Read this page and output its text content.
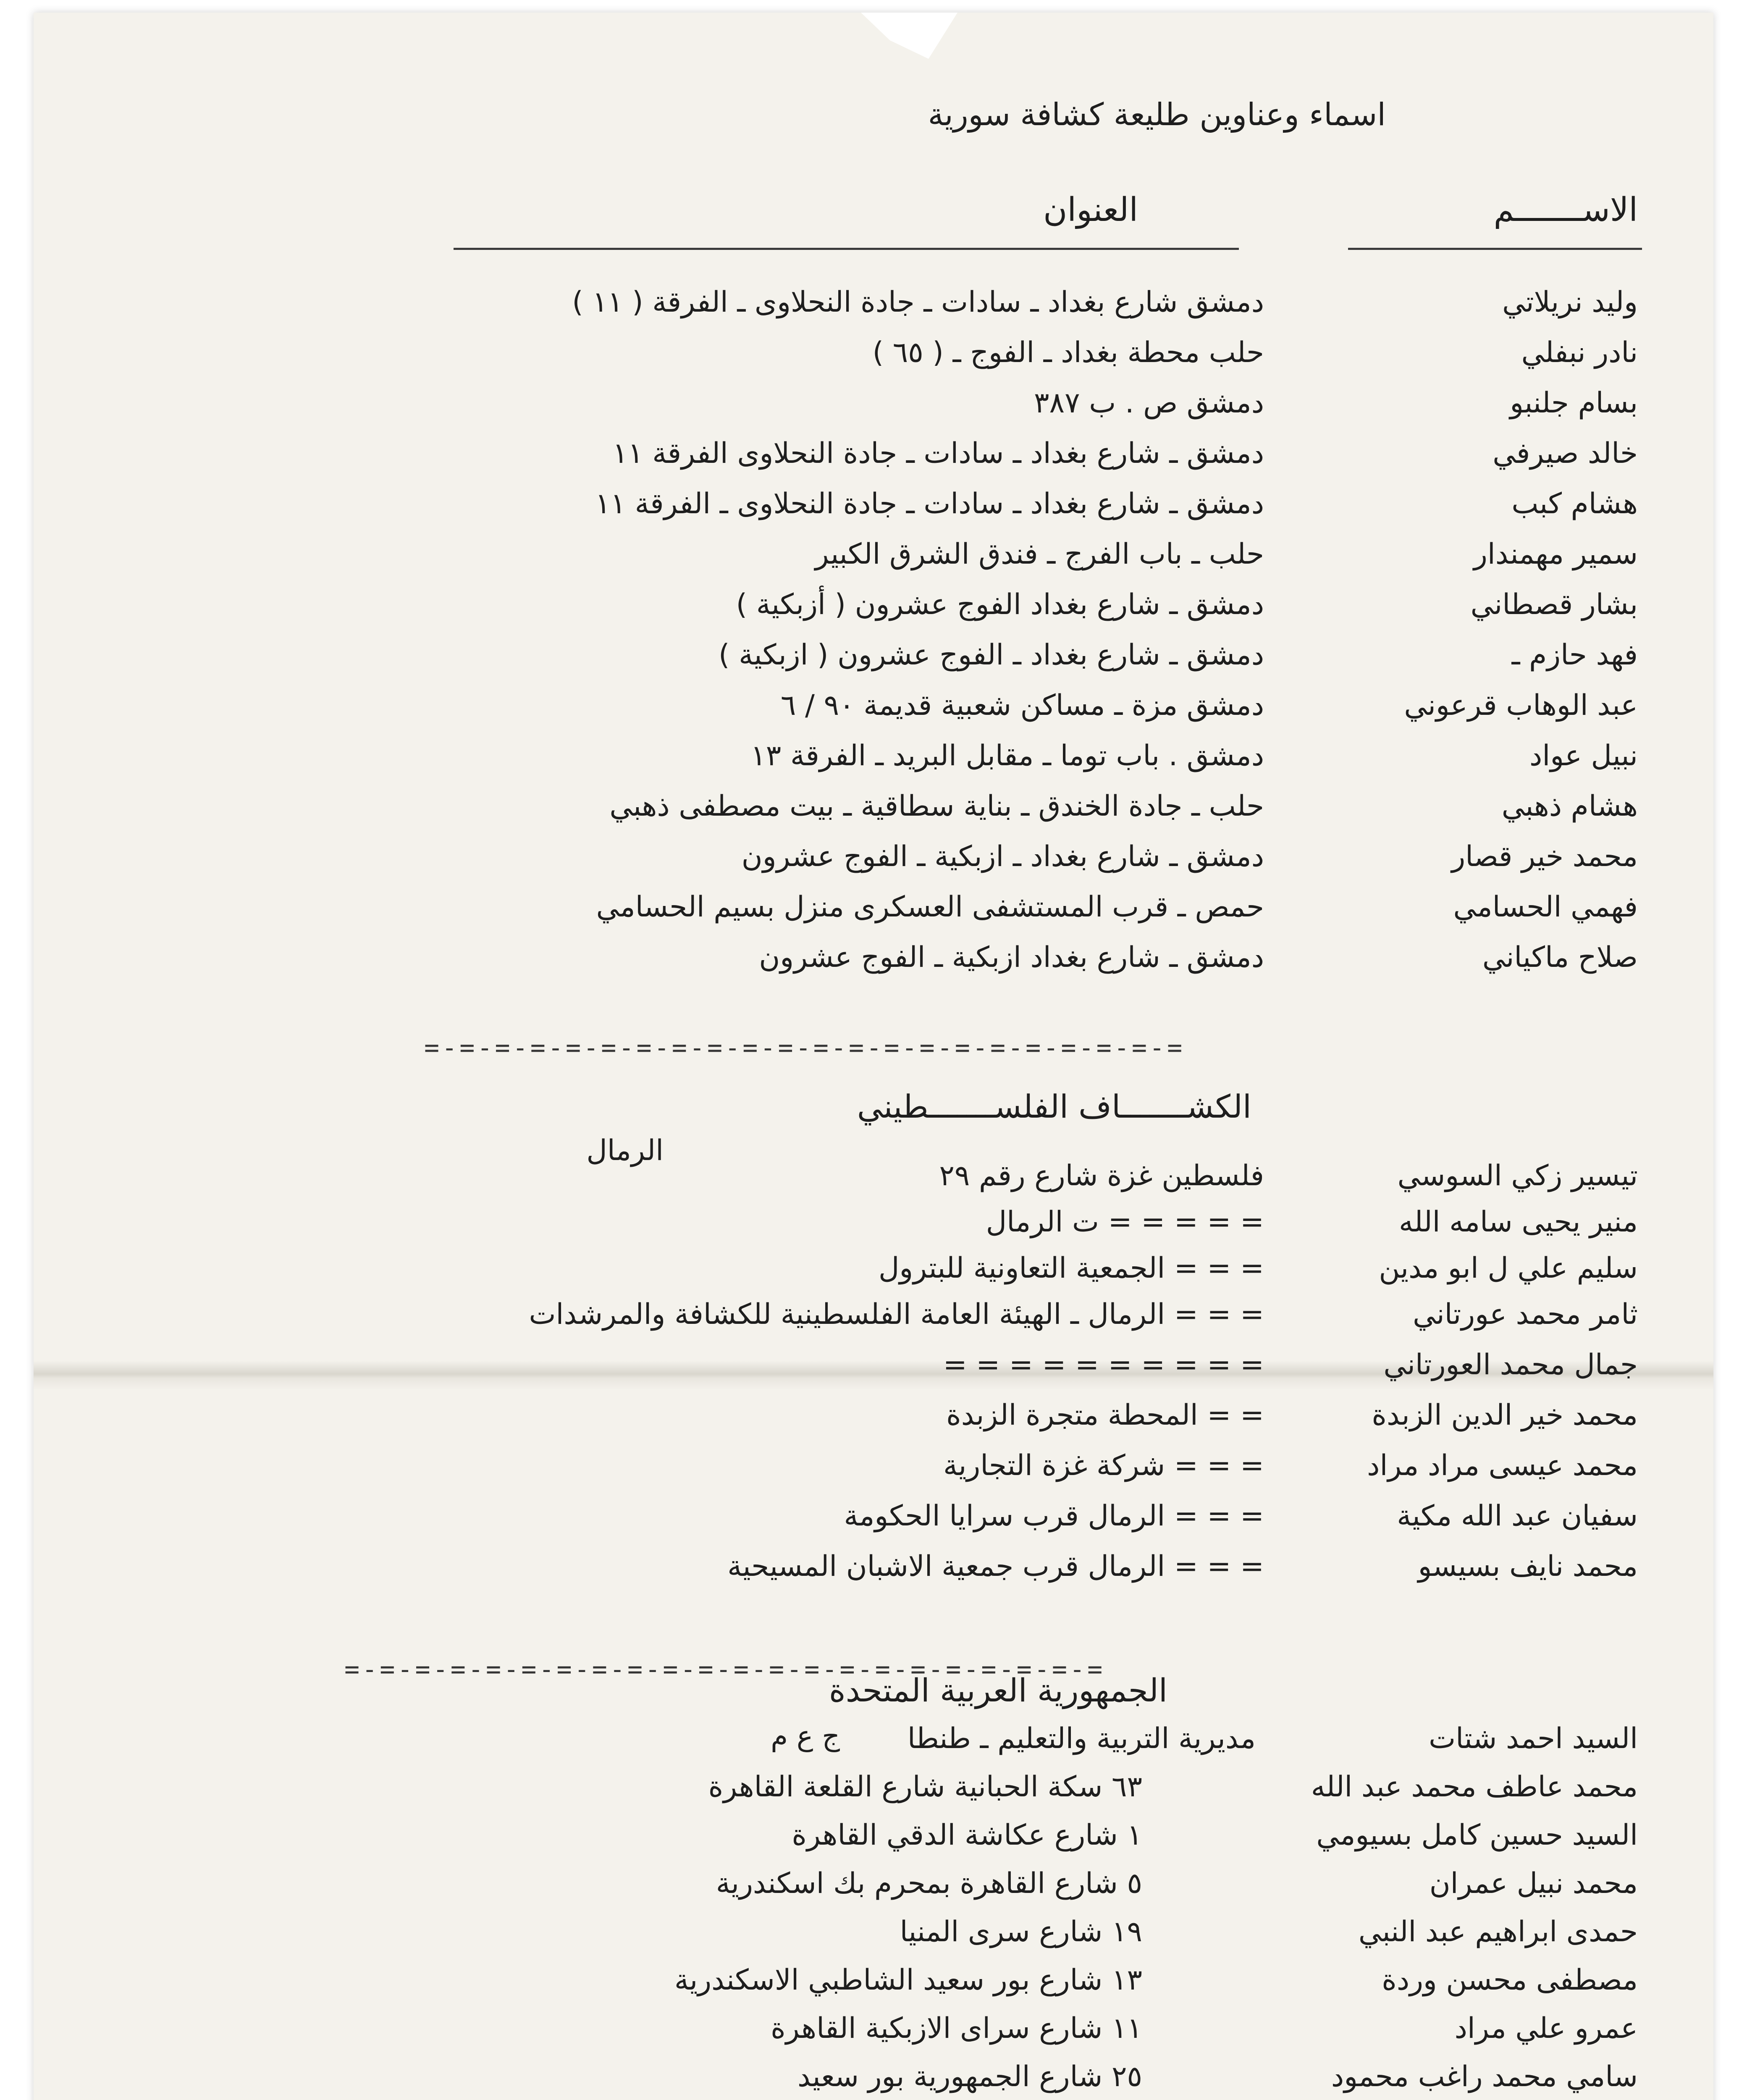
اسماء وعناوين طليعة كشافة سورية
الاســـــــم
العنوان
وليد نريلاتي
دمشق شارع بغداد ـ سادات ـ جادة النحلاوى ـ الفرقة ( ١١ )
نادر نبفلي
حلب محطة بغداد ـ الفوج ـ ( ٦٥ )
بسام جلنبو
دمشق ص . ب ٣٨٧
خالد صيرفي
دمشق ـ شارع بغداد ـ سادات ـ جادة النحلاوى الفرقة ١١
هشام كبب
دمشق ـ شارع بغداد ـ سادات ـ جادة النحلاوى ـ الفرقة ١١
سمير مهمندار
حلب ـ باب الفرج ـ فندق الشرق الكبير
بشار قصطاني
دمشق ـ شارع بغداد الفوج عشرون ( أزبكية )
فهد حازم ـ
دمشق ـ شارع بغداد ـ الفوج عشرون ( ازبكية )
عبد الوهاب قرعوني
دمشق مزة ـ مساكن شعبية قديمة ٩٠ / ٦
نبيل عواد
دمشق . باب توما ـ مقابل البريد ـ الفرقة ١٣
هشام ذهبي
حلب ـ جادة الخندق ـ بناية سطاقية ـ بيت مصطفى ذهبي
محمد خير قصار
دمشق ـ شارع بغداد ـ ازبكية ـ الفوج عشرون
فهمي الحسامي
حمص ـ قرب المستشفى العسكرى منزل بسيم الحسامي
صلاح ماكياني
دمشق ـ شارع بغداد ازبكية ـ الفوج عشرون
=-=-=-=-=-=-=-=-=-=-=-=-=-=-=-=-=-=-=-=-=-=
الكشـــــــاف الفلســـــــطيني
الرمال
تيسير زكي السوسي
فلسطين غزة شارع رقم ٢٩
منير يحيى سامه الله
= = = = = ت الرمال
سليم علي ل ابو مدين
= = = الجمعية التعاونية للبترول
ثامر محمد عورتاني
= = = الرمال ـ الهيئة العامة الفلسطينية للكشافة والمرشدات
جمال محمد العورتاني
= = = = = = = = = =
محمد خير الدين الزبدة
= = المحطة متجرة الزبدة
محمد عيسى مراد مراد
= = = شركة غزة التجارية
سفيان عبد الله مكية
= = = الرمال قرب سرايا الحكومة
محمد نايف بسيسو
= = = الرمال قرب جمعية الاشبان المسيحية
=-=-=-=-=-=-=-=-=-=-=-=-=-=-=-=-=-=-=-=-=-=
الجمهورية العربية المتحدة
ج ع م	السيد احمد شتات
مديرية التربية والتعليم ـ طنطا
محمد عاطف محمد عبد الله
٦٣ سكة الحبانية شارع القلعة القاهرة
السيد حسين كامل بسيومي
١ شارع عكاشة الدقي القاهرة
محمد نبيل عمران
٥ شارع القاهرة بمحرم بك اسكندرية
حمدى ابراهيم عبد النبي
١٩ شارع سرى المنيا
مصطفى محسن وردة
١٣ شارع بور سعيد الشاطبي الاسكندرية
عمرو علي مراد
١١ شارع سراى الازبكية القاهرة
سامي محمد راغب محمود
٢٥ شارع الجمهورية بور سعيد
